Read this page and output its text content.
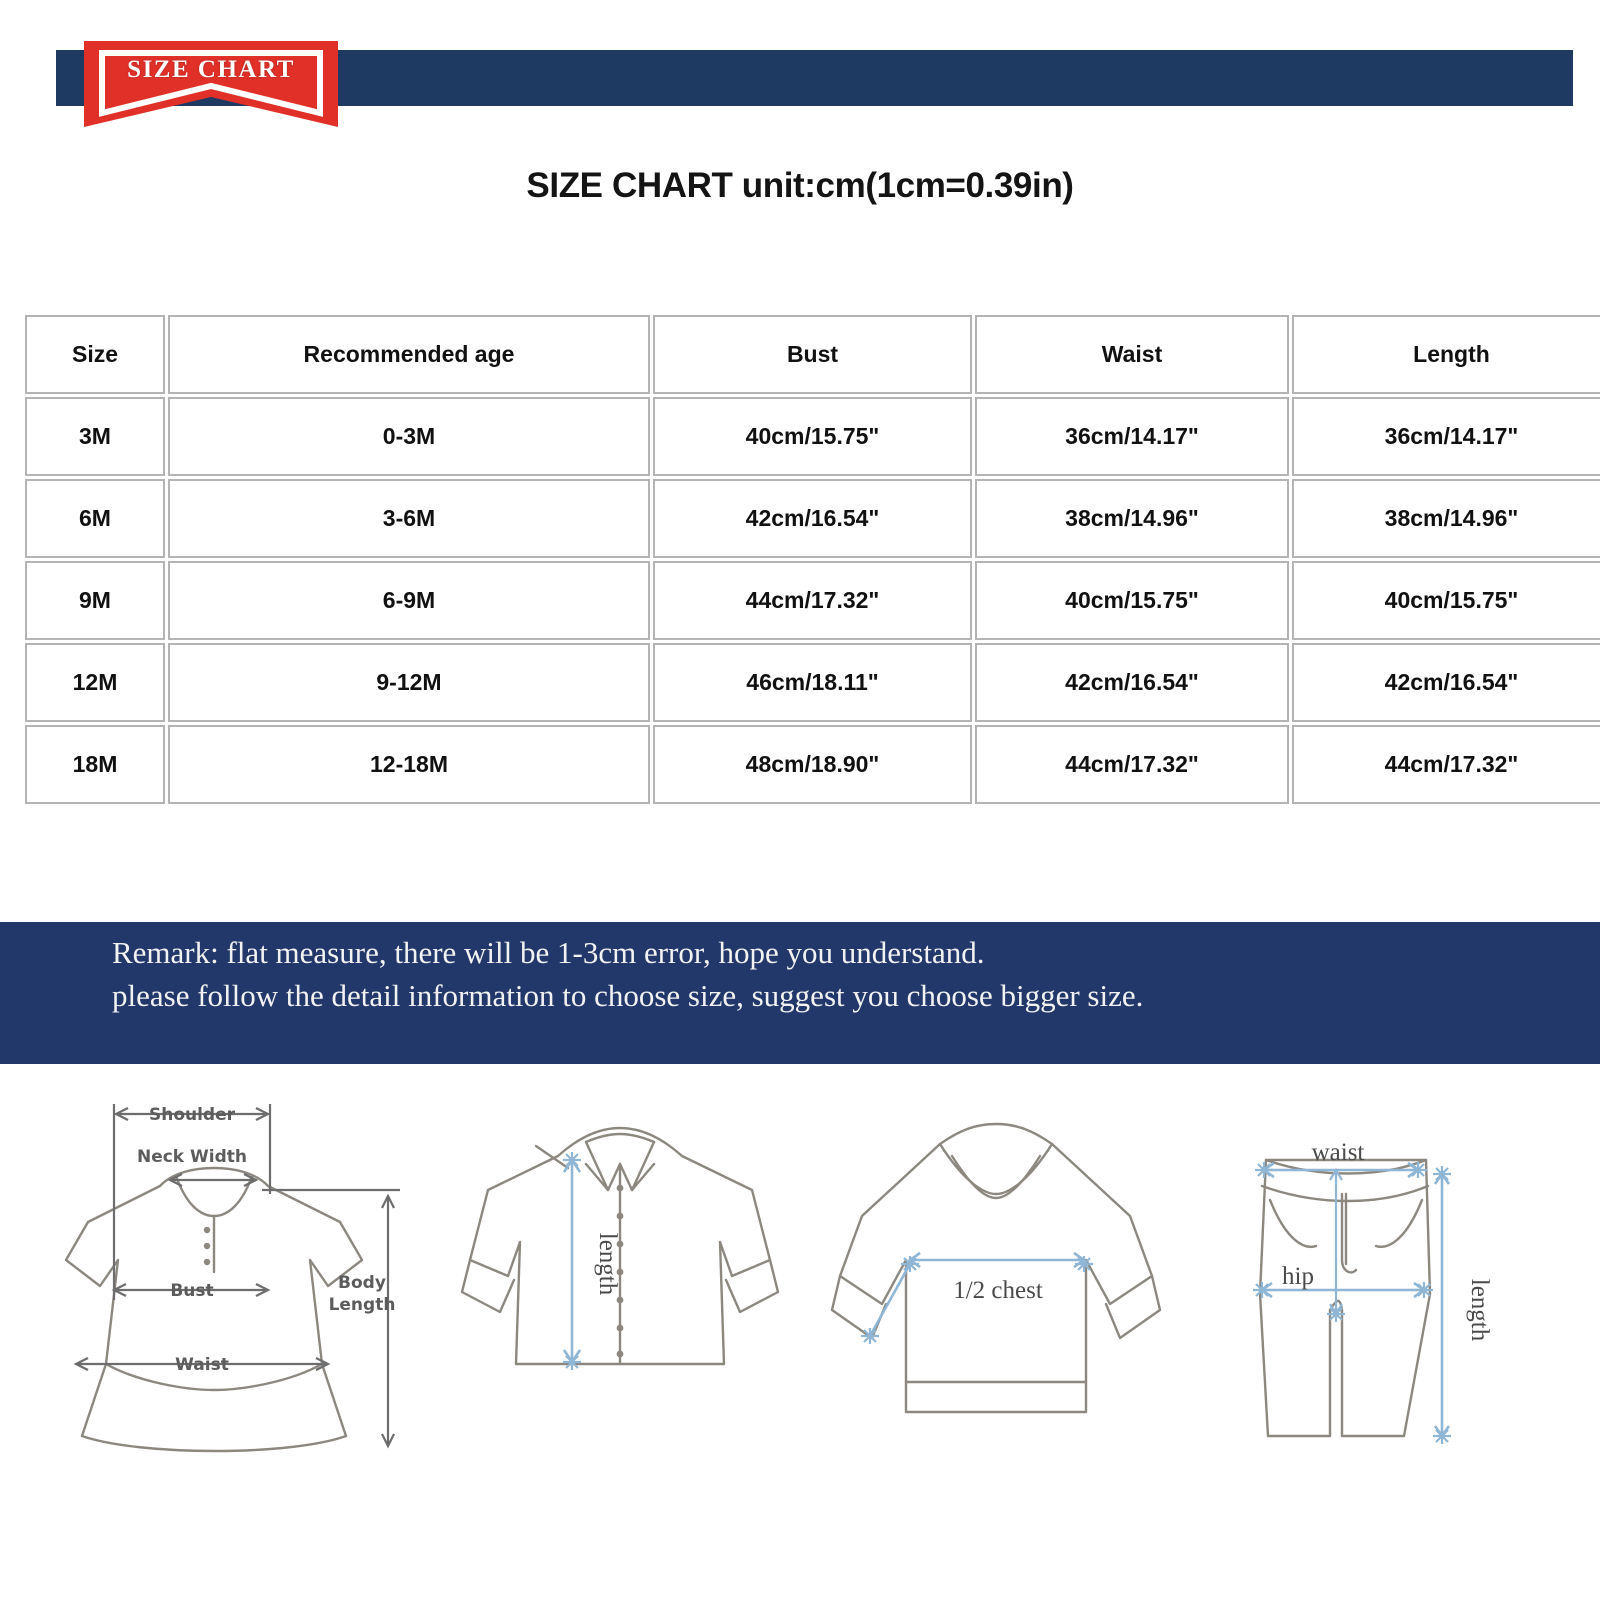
SIZE CHART
SIZE CHART unit:cm(1cm=0.39in)
Size	Recommended age	Bust	Waist	Length
3M	0-3M	40cm/15.75"	36cm/14.17"	36cm/14.17"
6M	3-6M	42cm/16.54"	38cm/14.96"	38cm/14.96"
9M	6-9M	44cm/17.32"	40cm/15.75"	40cm/15.75"
12M	9-12M	46cm/18.11"	42cm/16.54"	42cm/16.54"
18M	12-18M	48cm/18.90"	44cm/17.32"	44cm/17.32"
Remark: flat measure, there will be 1-3cm error, hope you understand.
please follow the detail information to choose size, suggest you choose bigger size.
Shoulder
Neck Width
Bust
Waist
Body
Length
length	1/2 chest
waist
hip
length
